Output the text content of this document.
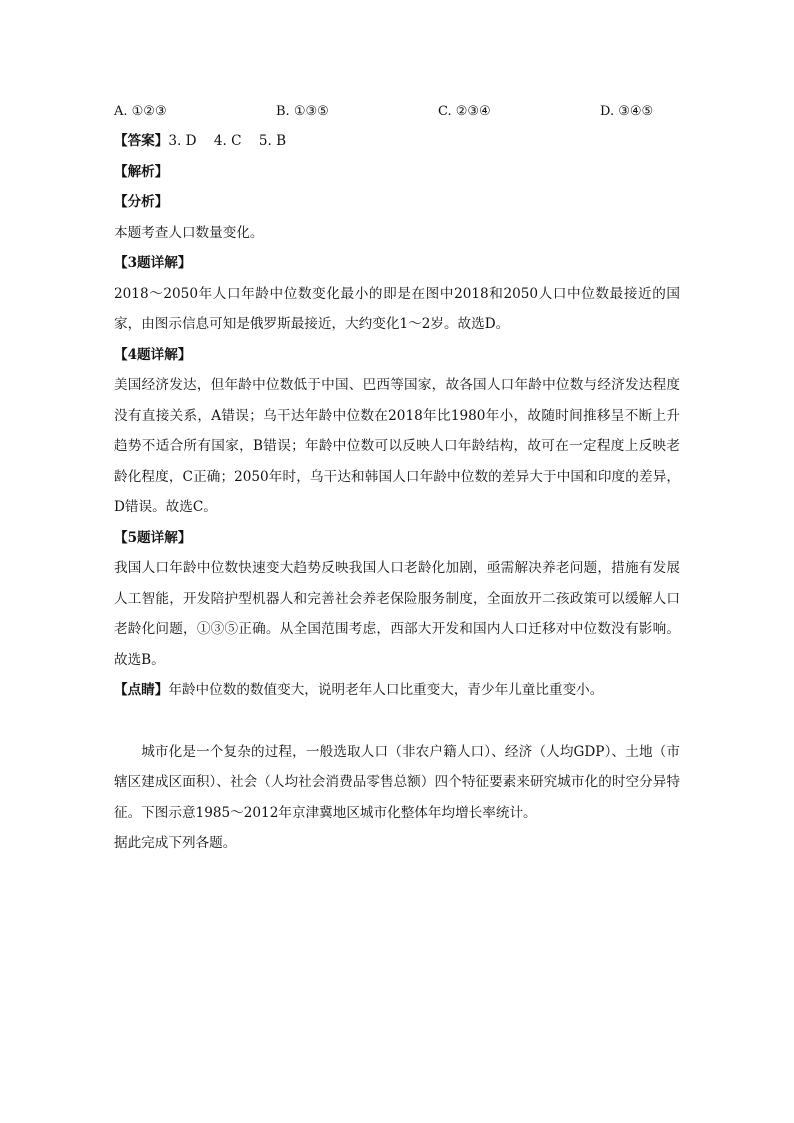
A. ①②③	B. ①③⑤	C. ②③④	D. ③④⑤
【答案】3. D    4. C    5. B
【解析】
【分析】
本题考查人口数量变化。
【3题详解】
2018～2050年人口年龄中位数变化最小的即是在图中2018和2050人口中位数最接近的国家，由图示信息可知是俄罗斯最接近，大约变化1～2岁。故选D。
【4题详解】
美国经济发达，但年龄中位数低于中国、巴西等国家，故各国人口年龄中位数与经济发达程度没有直接关系，A错误；乌干达年龄中位数在2018年比1980年小，故随时间推移呈不断上升趋势不适合所有国家，B错误；年龄中位数可以反映人口年龄结构，故可在一定程度上反映老龄化程度，C正确；2050年时，乌干达和韩国人口年龄中位数的差异大于中国和印度的差异，D错误。故选C。
【5题详解】
我国人口年龄中位数快速变大趋势反映我国人口老龄化加剧，亟需解决养老问题，措施有发展人工智能，开发陪护型机器人和完善社会养老保险服务制度，全面放开二孩政策可以缓解人口老龄化问题，①③⑤正确。从全国范围考虑，西部大开发和国内人口迁移对中位数没有影响。故选B。
【点睛】年龄中位数的数值变大，说明老年人口比重变大，青少年儿童比重变小。
城市化是一个复杂的过程，一般选取人口（非农户籍人口）、经济（人均GDP）、土地（市辖区建成区面积）、社会（人均社会消费品零售总额）四个特征要素来研究城市化的时空分异特征。下图示意1985～2012年京津冀地区城市化整体年均增长率统计。
据此完成下列各题。
